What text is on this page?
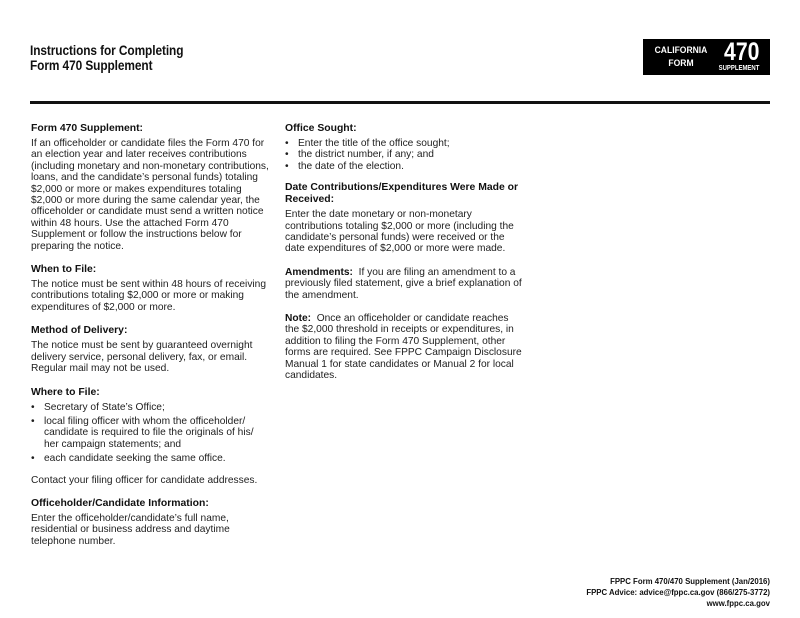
Instructions for Completing
Form 470 Supplement
CALIFORNIA
FORM	470
SUPPLEMENT
Form 470 Supplement:
If an officeholder or candidate files the Form 470 for an election year and later receives contributions (including monetary and non-monetary contributions, loans, and the candidate’s personal funds) totaling $2,000 or more or makes expenditures totaling $2,000 or more during the same calendar year, the officeholder or candidate must send a written notice within 48 hours. Use the attached Form 470 Supplement or follow the instructions below for preparing the notice.
When to File:
The notice must be sent within 48 hours of receiving contributions totaling $2,000 or more or making expenditures of $2,000 or more.
Method of Delivery:
The notice must be sent by guaranteed overnight delivery service, personal delivery, fax, or email. Regular mail may not be used.
Where to File:
• Secretary of State’s Office;
• local filing officer with whom the officeholder/ candidate is required to file the originals of his/ her campaign statements; and
• each candidate seeking the same office.
Contact your filing officer for candidate addresses.
Officeholder/Candidate Information:
Enter the officeholder/candidate’s full name, residential or business address and daytime telephone number.
Office Sought:
• Enter the title of the office sought;
• the district number, if any; and
• the date of the election.
Date Contributions/Expenditures Were Made or Received:
Enter the date monetary or non-monetary contributions totaling $2,000 or more (including the candidate’s personal funds) were received or the date expenditures of $2,000 or more were made.
Amendments: If you are filing an amendment to a previously filed statement, give a brief explanation of the amendment.
Note: Once an officeholder or candidate reaches the $2,000 threshold in receipts or expenditures, in addition to filing the Form 470 Supplement, other forms are required. See FPPC Campaign Disclosure Manual 1 for state candidates or Manual 2 for local candidates.
FPPC Form 470/470 Supplement (Jan/2016)
FPPC Advice: advice@fppc.ca.gov (866/275-3772)
www.fppc.ca.gov
